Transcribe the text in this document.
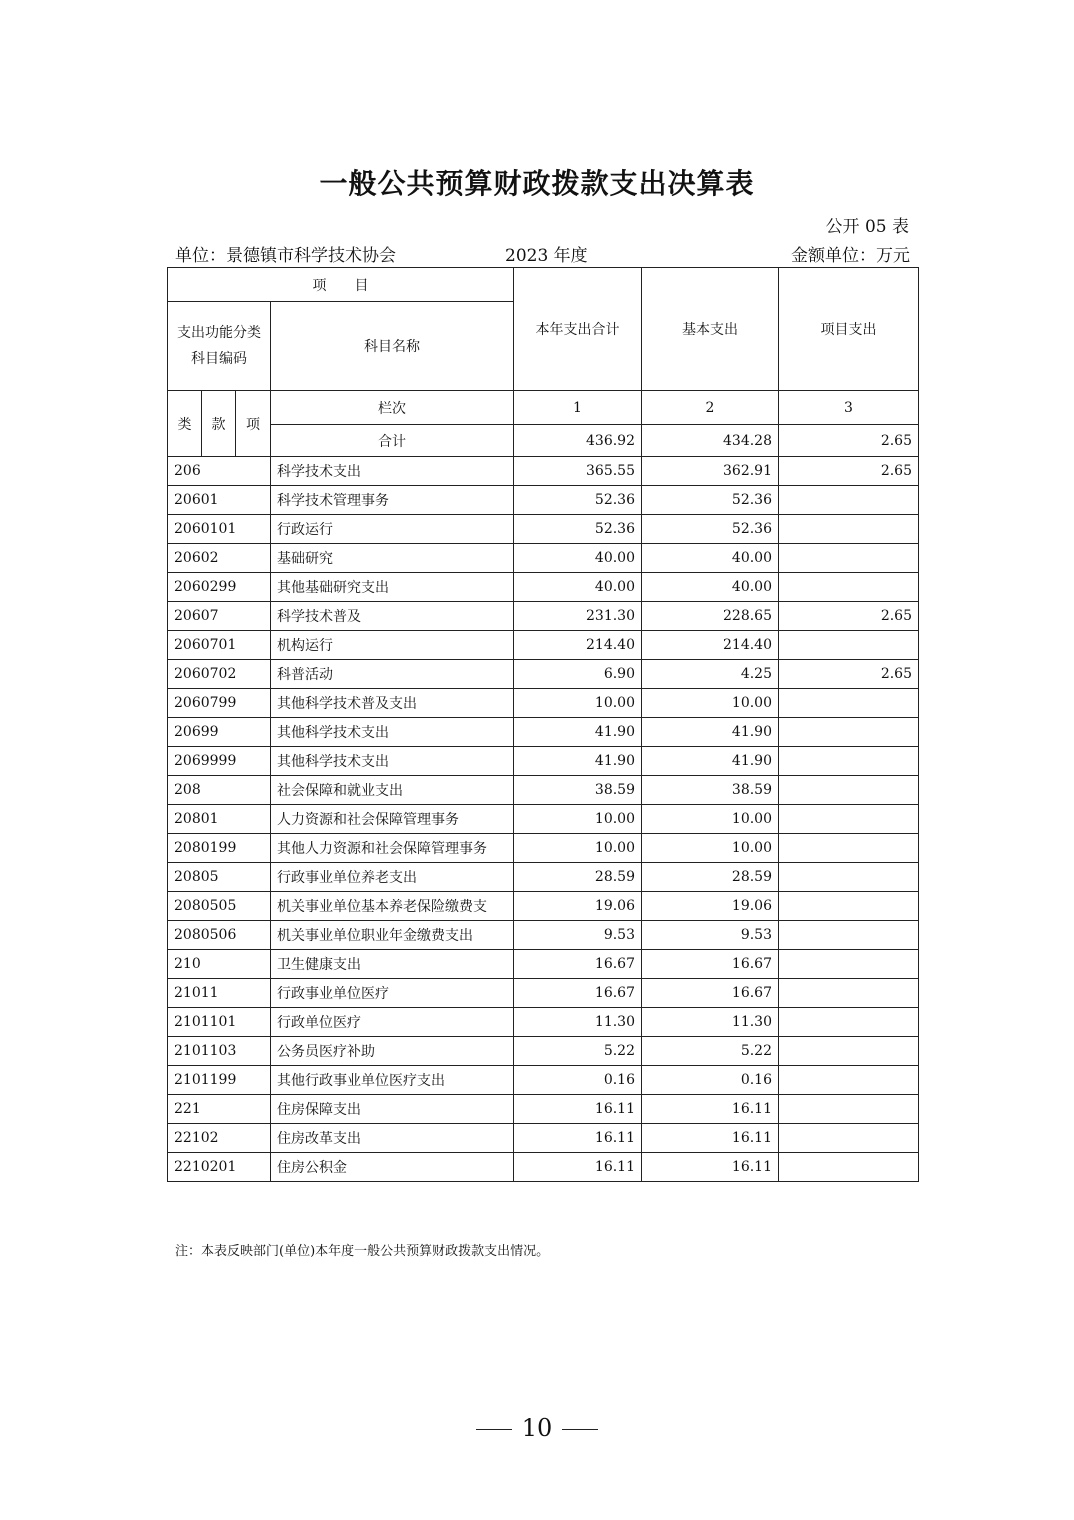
一般公共预算财政拨款支出决算表
公开 05 表
单位：景德镇市科学技术协会	2023 年度	金额单位：万元
项　　目				本年支出合计	基本支出	项目支出

支出功能分类
科目编码			科目名称			
类	款	项	栏次	1	2	3
			合计	436.92	434.28	2.65
206			科学技术支出	365.55	362.91	2.65
20601			科学技术管理事务	52.36	52.36	
2060101			行政运行	52.36	52.36	
20602			基础研究	40.00	40.00	
2060299			其他基础研究支出	40.00	40.00	
20607			科学技术普及	231.30	228.65	2.65
2060701			机构运行	214.40	214.40	
2060702			科普活动	6.90	4.25	2.65
2060799			其他科学技术普及支出	10.00	10.00	
20699			其他科学技术支出	41.90	41.90	
2069999			其他科学技术支出	41.90	41.90	
208			社会保障和就业支出	38.59	38.59	
20801			人力资源和社会保障管理事务	10.00	10.00	
2080199			其他人力资源和社会保障管理事务	10.00	10.00	
20805			行政事业单位养老支出	28.59	28.59	
2080505			机关事业单位基本养老保险缴费支	19.06	19.06	
2080506			机关事业单位职业年金缴费支出	9.53	9.53	
210			卫生健康支出	16.67	16.67	
21011			行政事业单位医疗	16.67	16.67	
2101101			行政单位医疗	11.30	11.30	
2101103			公务员医疗补助	5.22	5.22	
2101199			其他行政事业单位医疗支出	0.16	0.16	
221			住房保障支出	16.11	16.11	
22102			住房改革支出	16.11	16.11	
2210201			住房公积金	16.11	16.11	
注：本表反映部门(单位)本年度一般公共预算财政拨款支出情况。
10
